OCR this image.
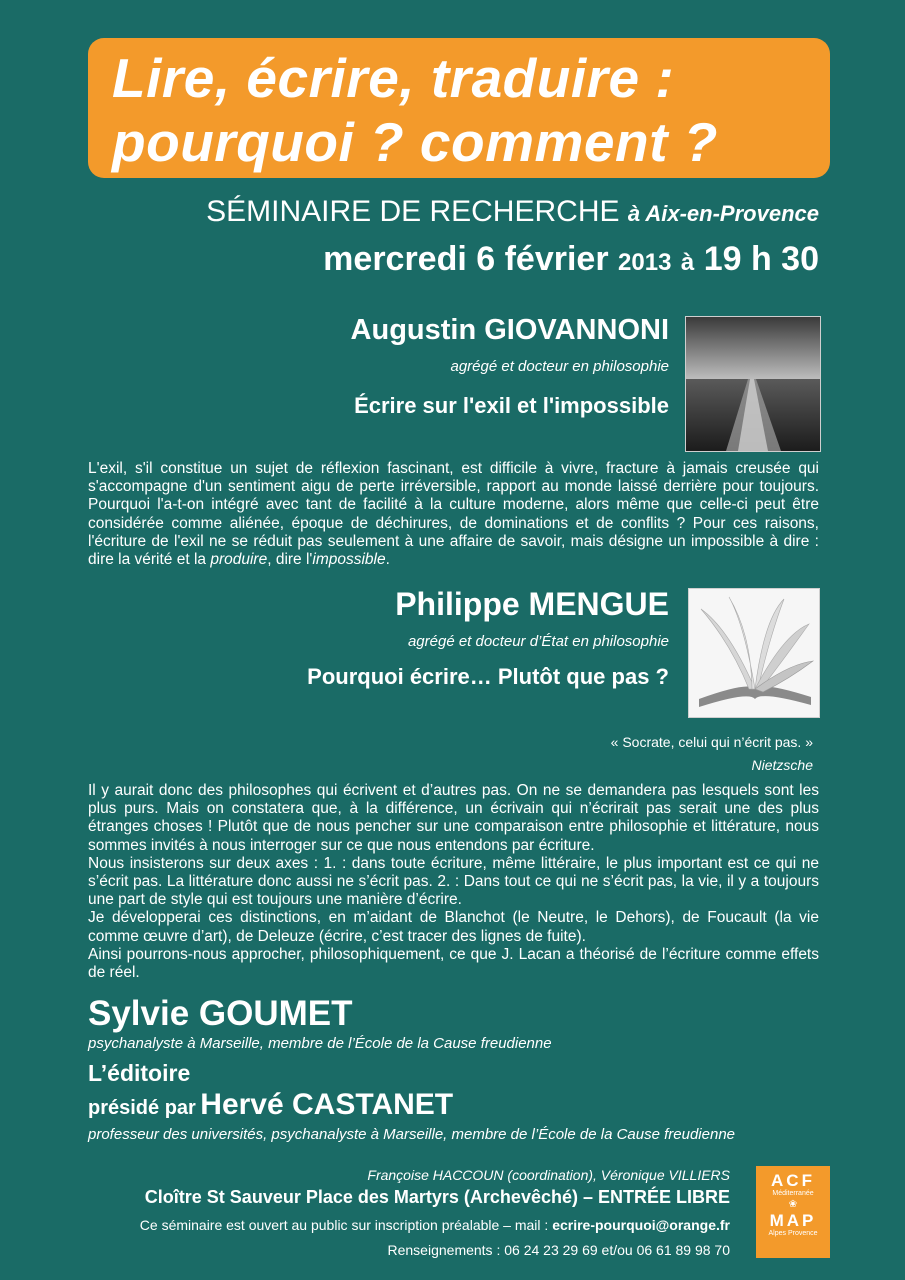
Lire, écrire, traduire :
pourquoi ? comment ?
SÉMINAIRE DE RECHERCHE à Aix-en-Provence
mercredi 6 février 2013 à 19 h 30
Augustin GIOVANNONI
agrégé et docteur en philosophie
Écrire sur l'exil et l'impossible

L'exil, s'il constitue un sujet de réflexion fascinant, est difficile à vivre, fracture à jamais creusée qui s'accompagne d'un sentiment aigu de perte irréversible, rapport au monde laissé derrière pour toujours. Pourquoi l'a-t-on intégré avec tant de facilité à la culture moderne, alors même que celle-ci peut être considérée comme aliénée, époque de déchirures, de dominations et de conflits ? Pour ces raisons, l'écriture de l'exil ne se réduit pas seulement à une affaire de savoir, mais désigne un impossible à dire : dire la vérité et la produire, dire l'impossible.

Philippe MENGUE
agrégé et docteur d’État en philosophie
Pourquoi écrire… Plutôt que pas ?
« Socrate, celui qui n’écrit pas. »
Nietzsche

Il y aurait donc des philosophes qui écrivent et d’autres pas. On ne se demandera pas lesquels sont les plus purs. Mais on constatera que, à la différence, un écrivain qui n’écrirait pas serait une des plus étranges choses ! Plutôt que de nous pencher sur une comparaison entre philosophie et littérature, nous sommes invités à nous interroger sur ce que nous entendons par écriture.

Nous insisterons sur deux axes : 1. : dans toute écriture, même littéraire, le plus important est ce qui ne s’écrit pas. La littérature donc aussi ne s’écrit pas. 2. : Dans tout ce qui ne s’écrit pas, la vie, il y a toujours une part de style qui est toujours une manière d’écrire.

Je développerai ces distinctions, en m’aidant de Blanchot (le Neutre, le Dehors), de Foucault (la vie comme œuvre d’art), de Deleuze (écrire, c’est tracer des lignes de fuite).

Ainsi pourrons-nous approcher, philosophiquement, ce que J. Lacan a théorisé de l’écriture comme effets de réel.

Sylvie GOUMET
psychanalyste à Marseille, membre de l’École de la Cause freudienne
L’éditoire
présidé par Hervé CASTANET
professeur des universités, psychanalyste à Marseille, membre de l’École de la Cause freudienne
Françoise HACCOUN (coordination), Véronique VILLIERS
Cloître St Sauveur Place des Martyrs (Archevêché) – ENTRÉE LIBRE
Ce séminaire est ouvert au public sur inscription préalable – mail : ecrire-pourquoi@orange.fr
Renseignements : 06 24 23 29 69 et/ou 06 61 89 98 70
ACF
Méditerranée
❀
MAP
Alpes Provence
